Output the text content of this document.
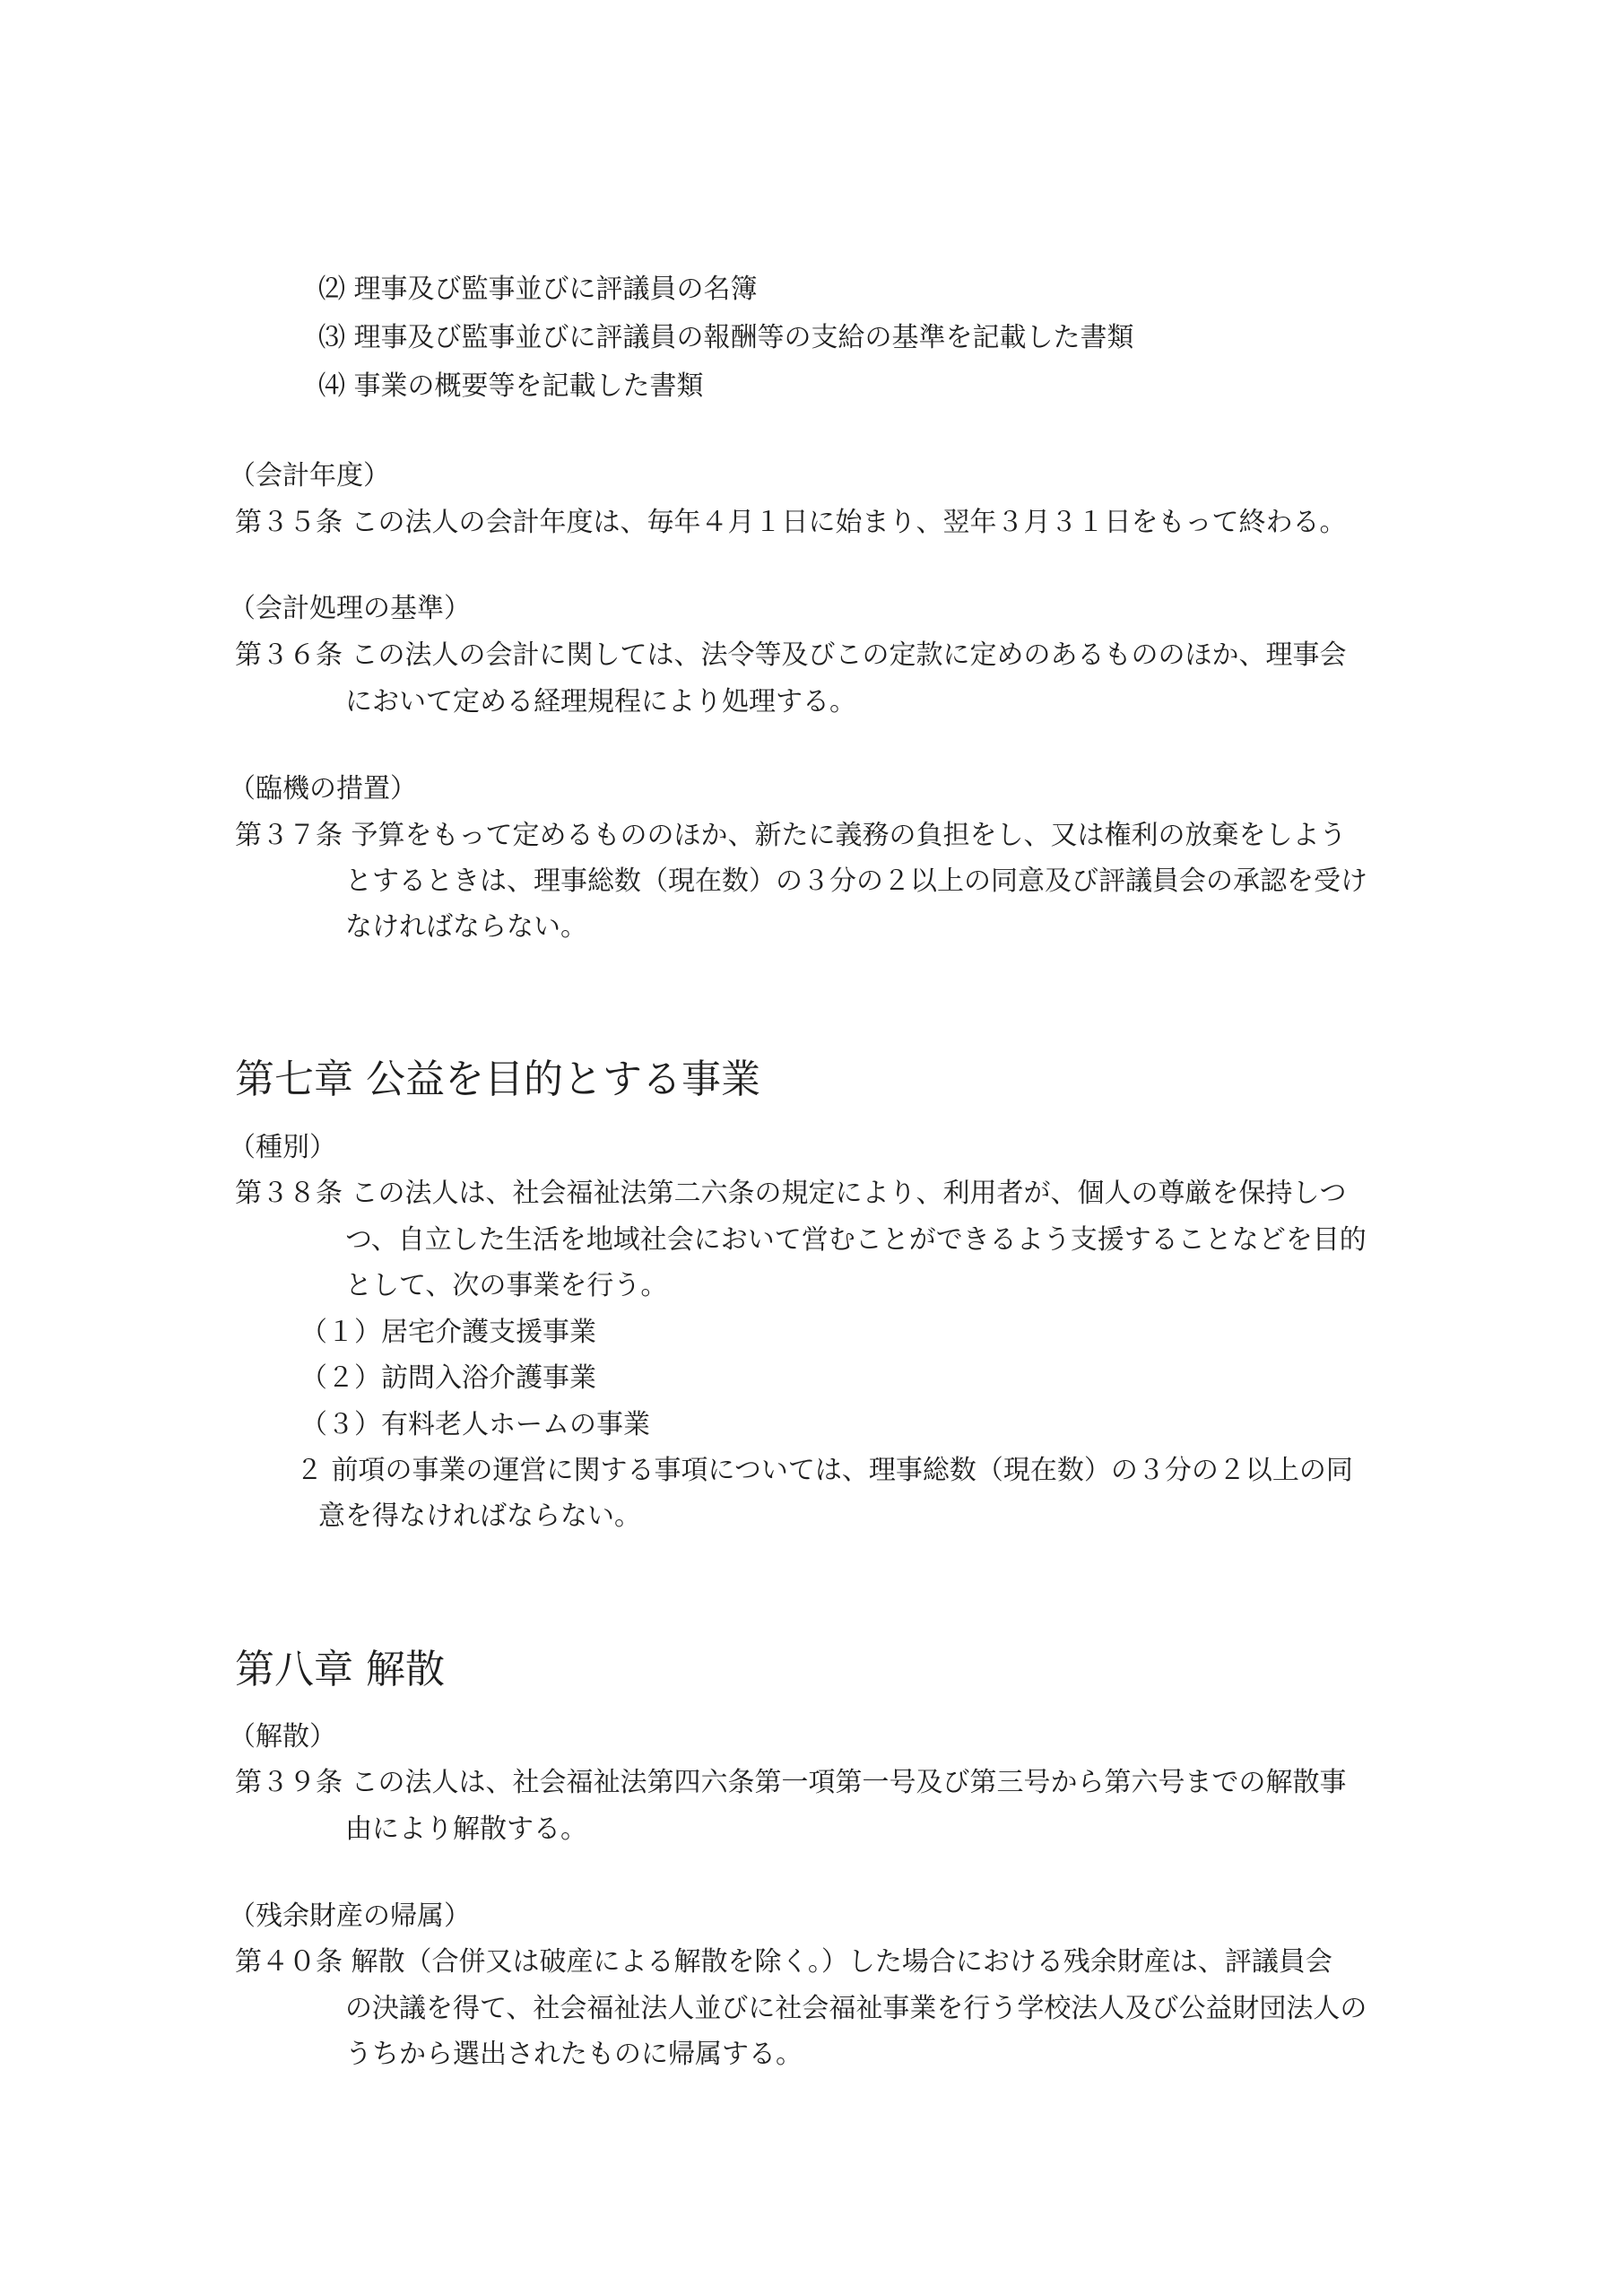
⑵ 理事及び監事並びに評議員の名簿
⑶ 理事及び監事並びに評議員の報酬等の支給の基準を記載した書類
⑷ 事業の概要等を記載した書類
（会計年度）
第３５条 この法人の会計年度は、毎年４月１日に始まり、翌年３月３１日をもって終わる。
（会計処理の基準）
第３６条 この法人の会計に関しては、法令等及びこの定款に定めのあるもののほか、理事会
において定める経理規程により処理する。
（臨機の措置）
第３７条 予算をもって定めるもののほか、新たに義務の負担をし、又は権利の放棄をしよう
とするときは、理事総数（現在数）の３分の２以上の同意及び評議員会の承認を受け
なければならない。
第七章 公益を目的とする事業
（種別）
第３８条 この法人は、社会福祉法第二六条の規定により、利用者が、個人の尊厳を保持しつ
つ、自立した生活を地域社会において営むことができるよう支援することなどを目的
として、次の事業を行う。
（１）居宅介護支援事業
（２）訪問入浴介護事業
（３）有料老人ホームの事業
２ 前項の事業の運営に関する事項については、理事総数（現在数）の３分の２以上の同
意を得なければならない。
第八章 解散
（解散）
第３９条 この法人は、社会福祉法第四六条第一項第一号及び第三号から第六号までの解散事
由により解散する。
（残余財産の帰属）
第４０条 解散（合併又は破産による解散を除く。）した場合における残余財産は、評議員会
の決議を得て、社会福祉法人並びに社会福祉事業を行う学校法人及び公益財団法人の
うちから選出されたものに帰属する。
